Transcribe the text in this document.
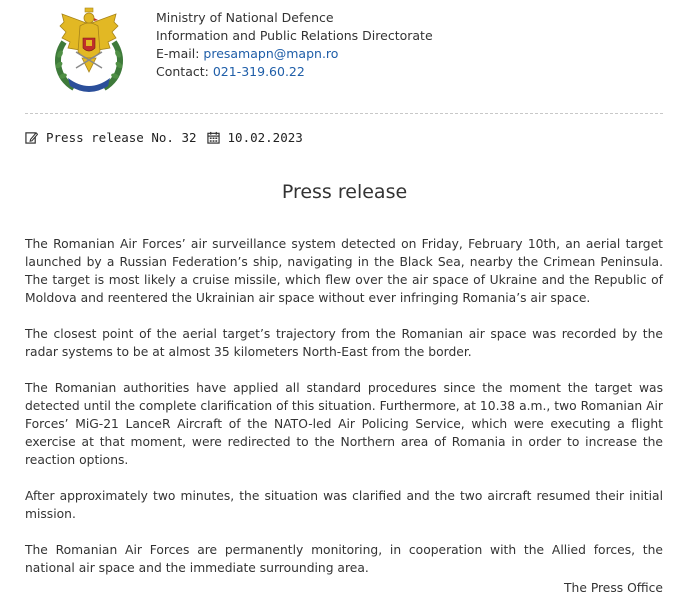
Ministry of National Defence
Information and Public Relations Directorate
E-mail: presamapn@mapn.ro
Contact: 021-319.60.22
Press release No. 32 10.02.2023
Press release

The Romanian Air Forces’ air surveillance system detected on Friday, February 10th, an aerial target launched by a Russian Federation’s ship, navigating in the Black Sea, nearby the Crimean Peninsula. The target is most likely a cruise missile, which flew over the air space of Ukraine and the Republic of Moldova and reentered the Ukrainian air space without ever infringing Romania’s air space.

The closest point of the aerial target’s trajectory from the Romanian air space was recorded by the radar systems to be at almost 35 kilometers North-East from the border.

The Romanian authorities have applied all standard procedures since the moment the target was detected until the complete clarification of this situation. Furthermore, at 10.38 a.m., two Romanian Air Forces’ MiG-21 LanceR Aircraft of the NATO-led Air Policing Service, which were executing a flight exercise at that moment, were redirected to the Northern area of Romania in order to increase the reaction options.

After approximately two minutes, the situation was clarified and the two aircraft resumed their initial mission.

The Romanian Air Forces are permanently monitoring, in cooperation with the Allied forces, the national air space and the immediate surrounding area.

The Press Office
